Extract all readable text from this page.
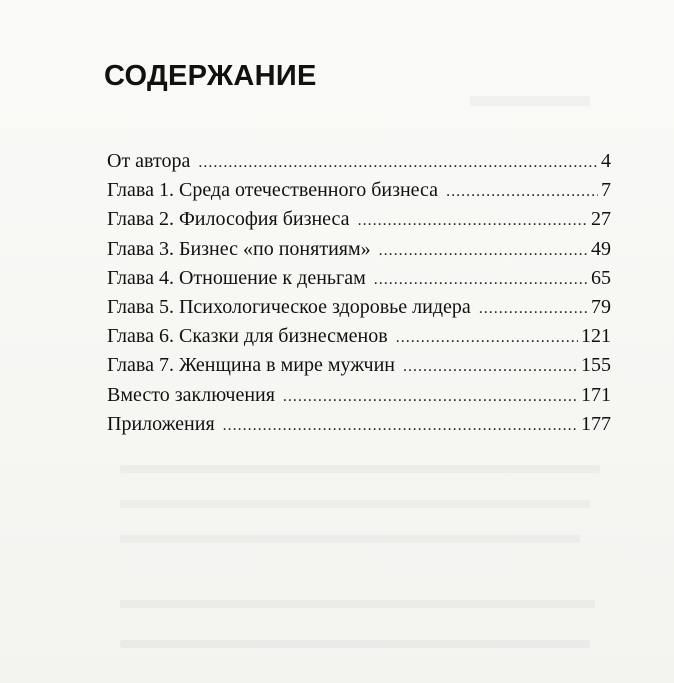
СОДЕРЖАНИЕ
От автора .....	4
Глава 1. Среда отечественного бизнеса .....	7
Глава 2. Философия бизнеса .....	27
Глава 3. Бизнес «по понятиям» .....	49
Глава 4. Отношение к деньгам .....	65
Глава 5. Психологическое здоровье лидера .....	79
Глава 6. Сказки для бизнесменов .....	121
Глава 7. Женщина в мире мужчин .....	155
Вместо заключения .....	171
Приложения .....	177
